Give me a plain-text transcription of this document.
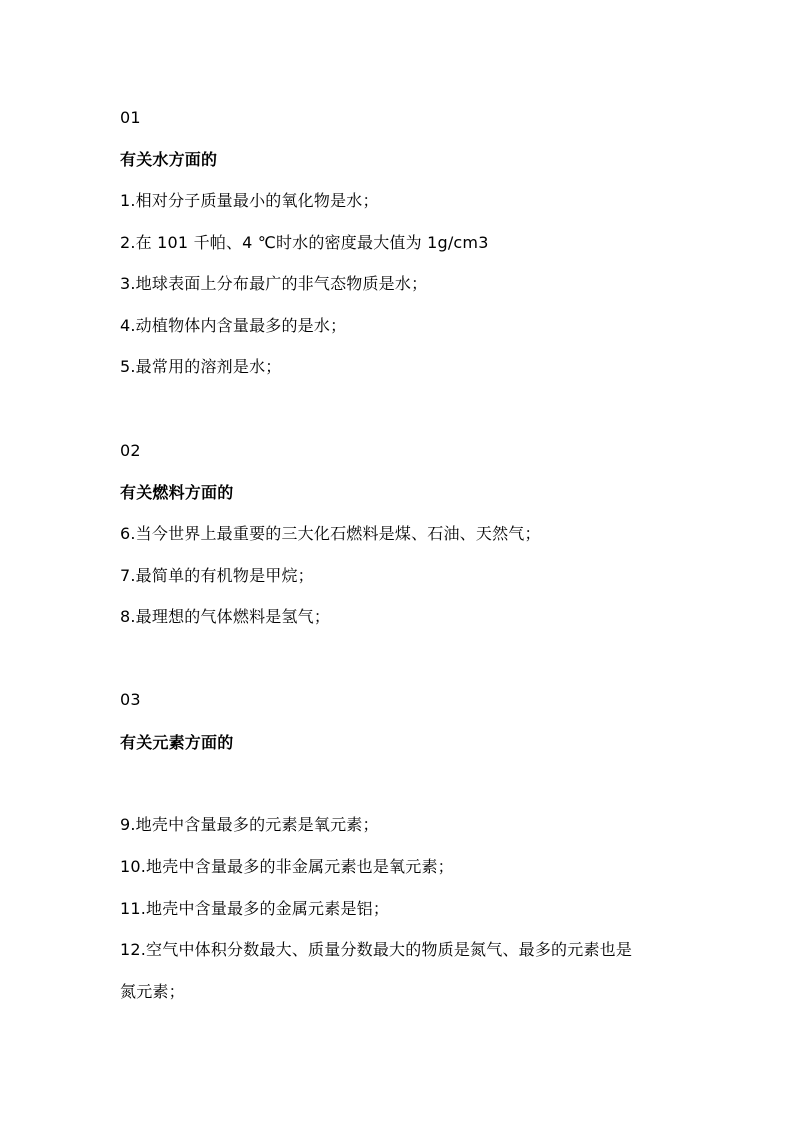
01
有关水方面的
1.相对分子质量最小的氧化物是水；
2.在 101 千帕、4 ℃时水的密度最大值为 1g/cm3
3.地球表面上分布最广的非气态物质是水；
4.动植物体内含量最多的是水；
5.最常用的溶剂是水；
02
有关燃料方面的
6.当今世界上最重要的三大化石燃料是煤、石油、天然气；
7.最简单的有机物是甲烷；
8.最理想的气体燃料是氢气；
03
有关元素方面的
9.地壳中含量最多的元素是氧元素；
10.地壳中含量最多的非金属元素也是氧元素；
11.地壳中含量最多的金属元素是铝；
12.空气中体积分数最大、质量分数最大的物质是氮气、最多的元素也是
氮元素；
